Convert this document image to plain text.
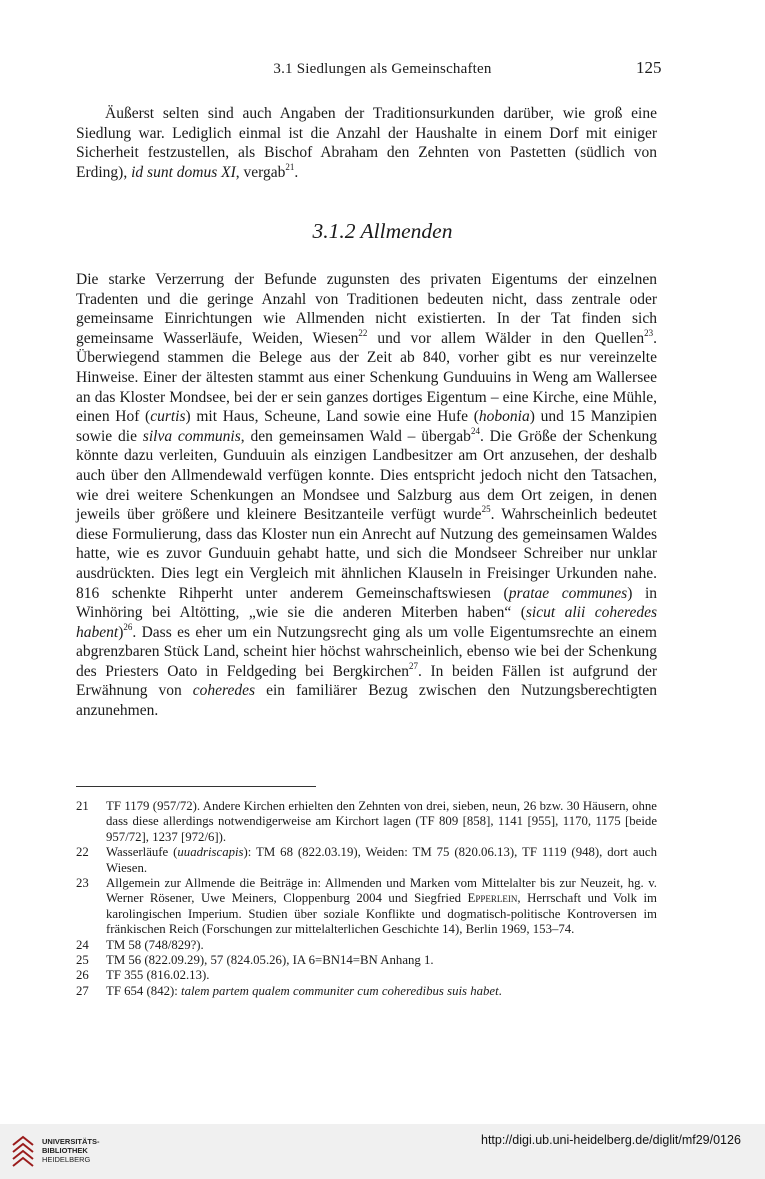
3.1 Siedlungen als Gemeinschaften	125

Äußerst selten sind auch Angaben der Traditionsurkunden darüber, wie groß eine Siedlung war. Lediglich einmal ist die Anzahl der Haushalte in einem Dorf mit einiger Sicherheit festzustellen, als Bischof Abraham den Zehnten von Pastetten (südlich von Erding), id sunt domus XI, vergab$^{21}$.

3.1.2 Allmenden

Die starke Verzerrung der Befunde zugunsten des privaten Eigentums der einzelnen Tradenten und die geringe Anzahl von Traditionen bedeuten nicht, dass zentrale oder gemeinsame Einrichtungen wie Allmenden nicht existierten. In der Tat finden sich gemeinsame Wasserläufe, Weiden, Wiesen$^{22}$ und vor allem Wälder in den Quellen$^{23}$. Überwiegend stammen die Belege aus der Zeit ab 840, vorher gibt es nur vereinzelte Hinweise. Einer der ältesten stammt aus einer Schenkung Gunduuins in Weng am Wallersee an das Kloster Mondsee, bei der er sein ganzes dortiges Eigentum – eine Kirche, eine Mühle, einen Hof (curtis) mit Haus, Scheune, Land sowie eine Hufe (hobonia) und 15 Manzipien sowie die silva communis, den gemeinsamen Wald – übergab$^{24}$. Die Größe der Schenkung könnte dazu verleiten, Gunduuin als einzigen Landbesitzer am Ort anzusehen, der deshalb auch über den Allmendewald verfügen konnte. Dies entspricht jedoch nicht den Tatsachen, wie drei weitere Schenkungen an Mondsee und Salzburg aus dem Ort zeigen, in denen jeweils über größere und kleinere Besitzanteile verfügt wurde$^{25}$. Wahrscheinlich bedeutet diese Formulierung, dass das Kloster nun ein Anrecht auf Nutzung des gemeinsamen Waldes hatte, wie es zuvor Gunduuin gehabt hatte, und sich die Mondseer Schreiber nur unklar ausdrückten. Dies legt ein Vergleich mit ähnlichen Klauseln in Freisinger Urkunden nahe. 816 schenkte Rihperht unter anderem Gemeinschaftswiesen (pratae communes) in Winhöring bei Altötting, „wie sie die anderen Miterben haben“ (sicut alii coheredes habent)$^{26}$. Dass es eher um ein Nutzungsrecht ging als um volle Eigentumsrechte an einem abgrenzbaren Stück Land, scheint hier höchst wahrscheinlich, ebenso wie bei der Schenkung des Priesters Oato in Feldgeding bei Bergkirchen$^{27}$. In beiden Fällen ist aufgrund der Erwähnung von coheredes ein familiärer Bezug zwischen den Nutzungsberechtigten anzunehmen.

21	TF 1179 (957/72). Andere Kirchen erhielten den Zehnten von drei, sieben, neun, 26 bzw. 30 Häusern, ohne dass diese allerdings notwendigerweise am Kirchort lagen (TF 809 [858], 1141 [955], 1170, 1175 [beide 957/72], 1237 [972/6]).
22	Wasserläufe (uuadriscapis): TM 68 (822.03.19), Weiden: TM 75 (820.06.13), TF 1119 (948), dort auch Wiesen.
23	Allgemein zur Allmende die Beiträge in: Allmenden und Marken vom Mittelalter bis zur Neuzeit, hg. v. Werner Rösener, Uwe Meiners, Cloppenburg 2004 und Siegfried Epperlein, Herrschaft und Volk im karolingischen Imperium. Studien über soziale Konflikte und dogmatisch-politische Kontroversen im fränkischen Reich (Forschungen zur mittelalterlichen Geschichte 14), Berlin 1969, 153–74.
24	TM 58 (748/829?).
25	TM 56 (822.09.29), 57 (824.05.26), IA 6=BN14=BN Anhang 1.
26	TF 355 (816.02.13).
27	TF 654 (842): talem partem qualem communiter cum coheredibus suis habet.
UNIVERSITÄTS-
BIBLIOTHEK
HEIDELBERG
http://digi.ub.uni-heidelberg.de/diglit/mf29/0126
